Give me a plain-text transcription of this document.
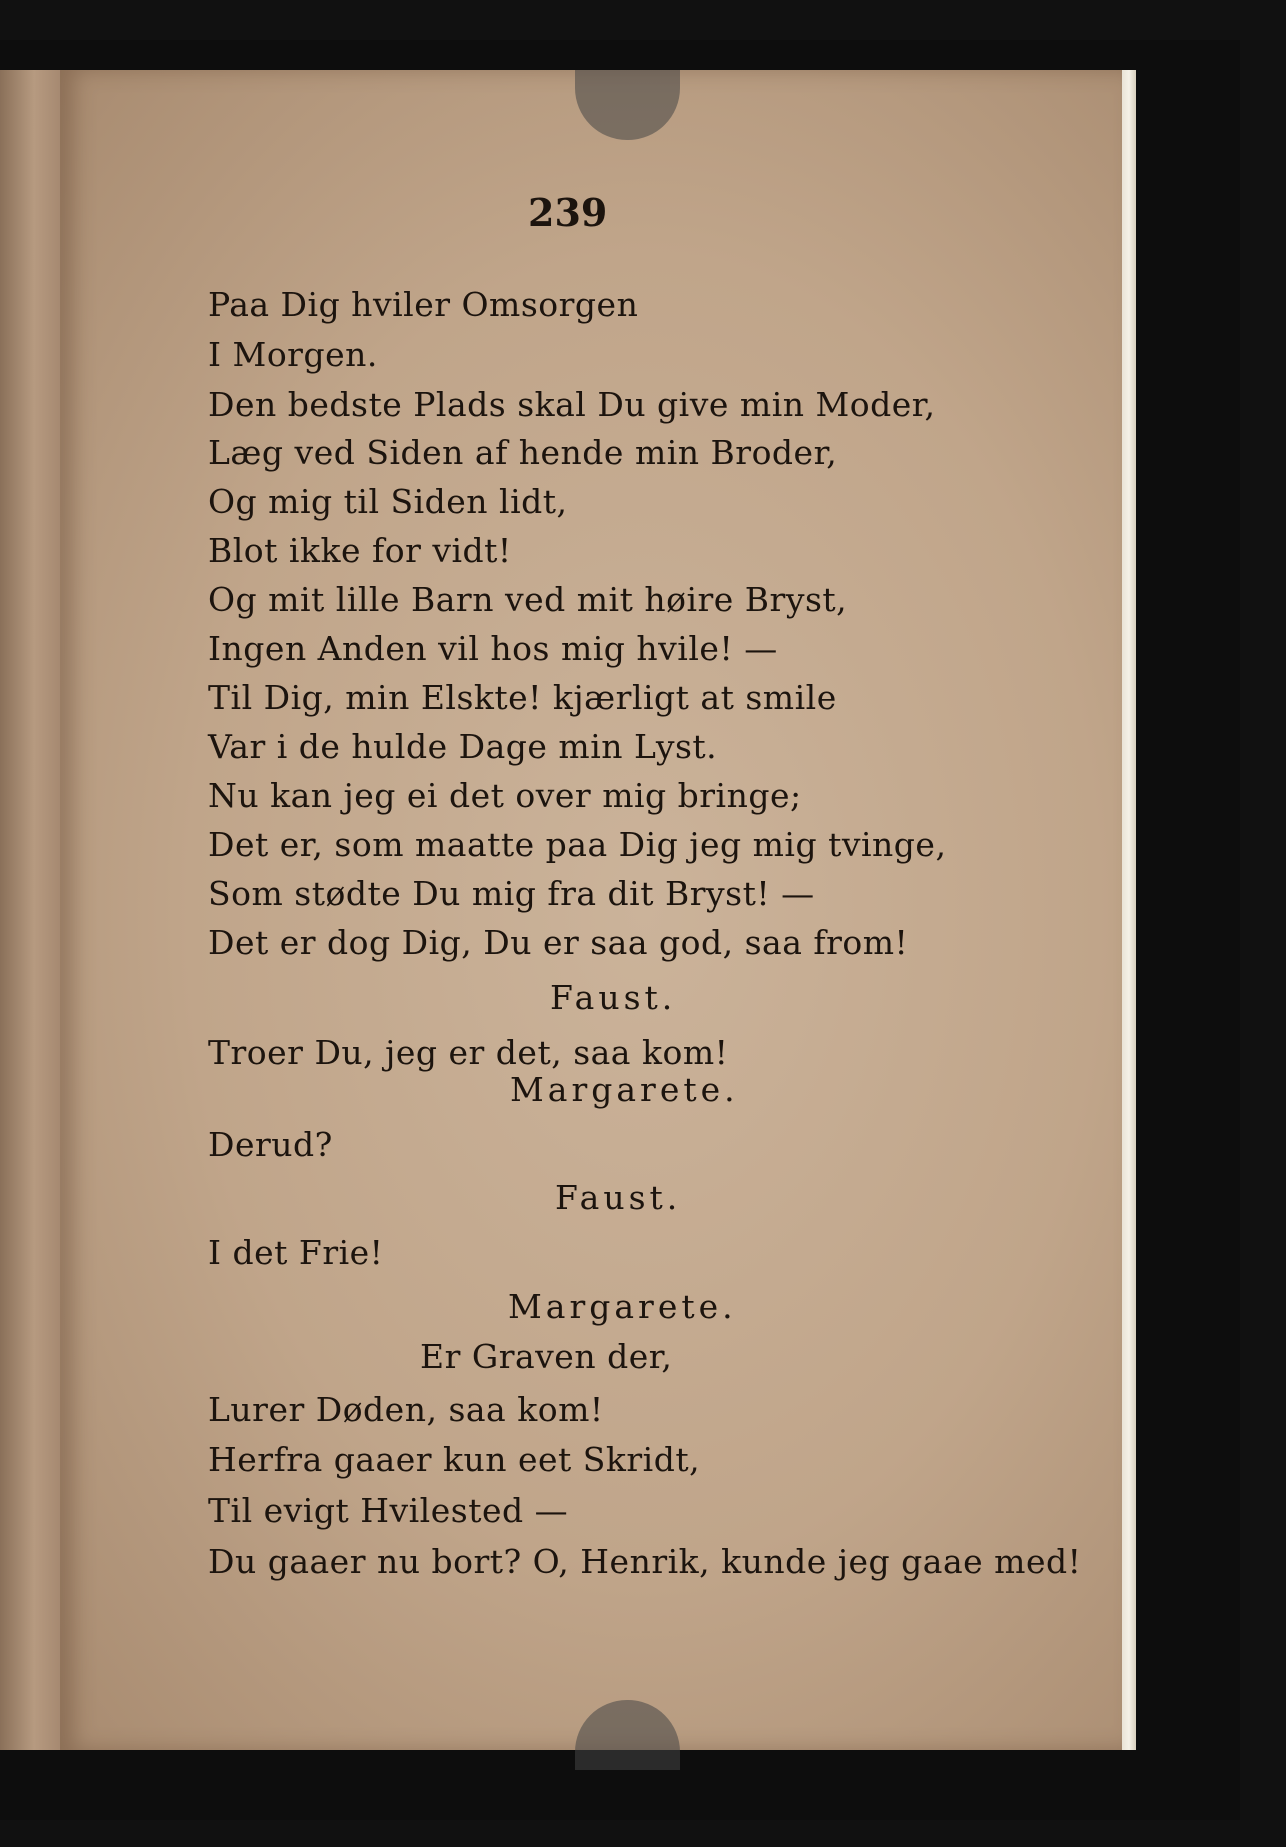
239
Paa Dig hviler Omsorgen
I Morgen.
Den bedste Plads skal Du give min Moder,
Læg ved Siden af hende min Broder,
Og mig til Siden lidt,
Blot ikke for vidt!
Og mit lille Barn ved mit høire Bryst,
Ingen Anden vil hos mig hvile! —
Til Dig, min Elskte! kjærligt at smile
Var i de hulde Dage min Lyst.
Nu kan jeg ei det over mig bringe;
Det er, som maatte paa Dig jeg mig tvinge,
Som stødte Du mig fra dit Bryst! —
Det er dog Dig, Du er saa god, saa from!
Faust.
Troer Du, jeg er det, saa kom!
Margarete.
Derud?
Faust.
I det Frie!
Margarete.
Er Graven der,
Lurer Døden, saa kom!
Herfra gaaer kun eet Skridt,
Til evigt Hvilested —
Du gaaer nu bort? O, Henrik, kunde jeg gaae med!
